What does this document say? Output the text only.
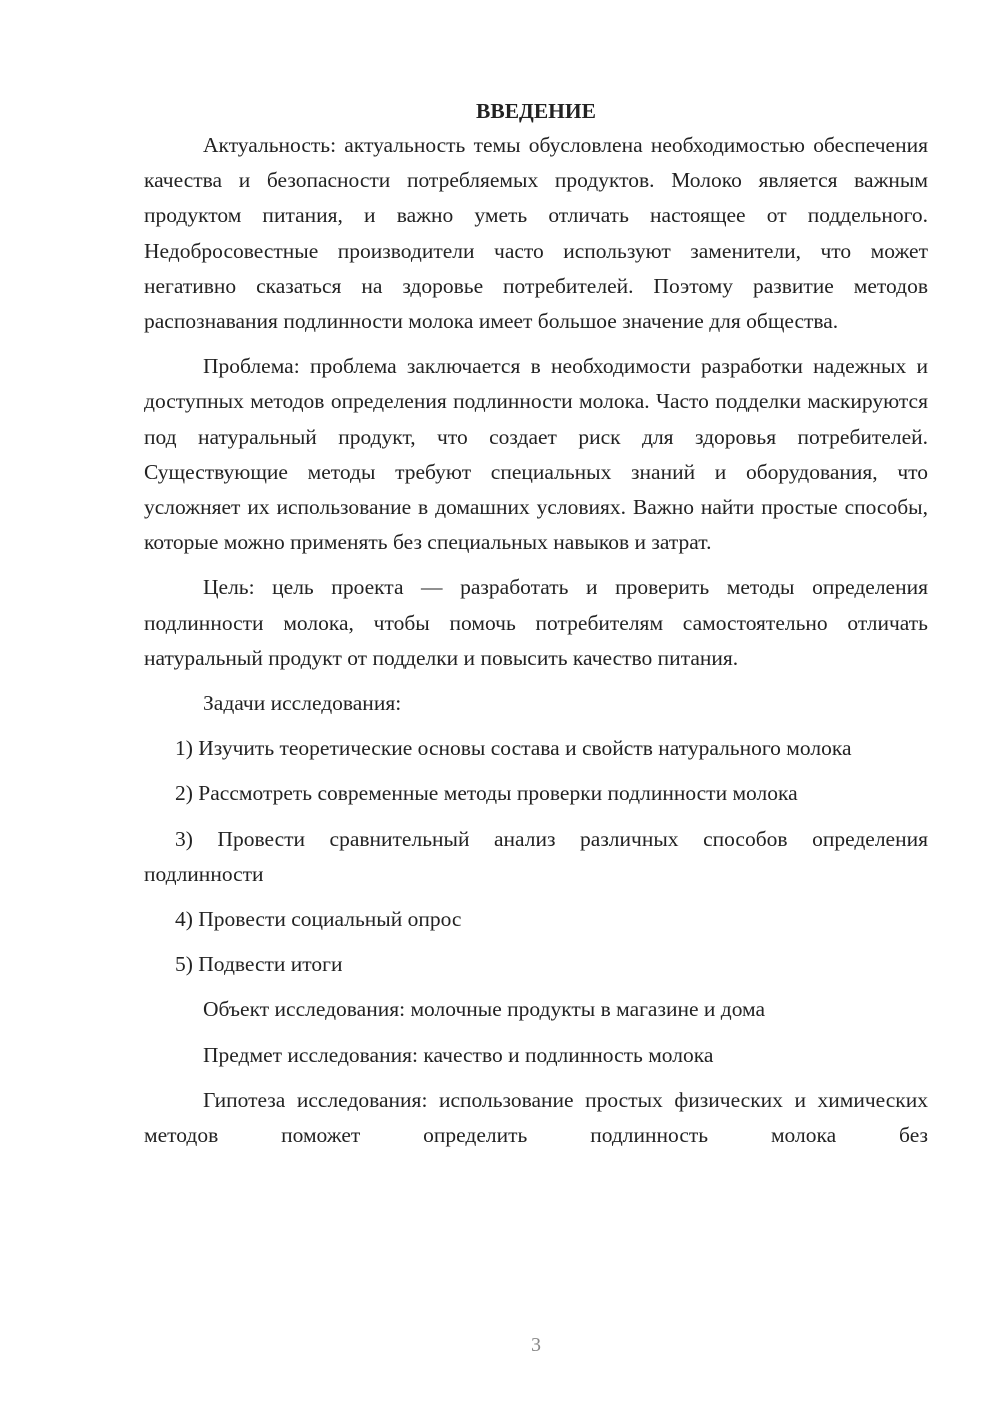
ВВЕДЕНИЕ

Актуальность: актуальность темы обусловлена необходимостью обеспечения качества и безопасности потребляемых продуктов. Молоко является важным продуктом питания, и важно уметь отличать настоящее от поддельного. Недобросовестные производители часто используют заменители, что может негативно сказаться на здоровье потребителей. Поэтому развитие методов распознавания подлинности молока имеет большое значение для общества.

Проблема: проблема заключается в необходимости разработки надежных и доступных методов определения подлинности молока. Часто подделки маскируются под натуральный продукт, что создает риск для здоровья потребителей. Существующие методы требуют специальных знаний и оборудования, что усложняет их использование в домашних условиях. Важно найти простые способы, которые можно применять без специальных навыков и затрат.

Цель: цель проекта — разработать и проверить методы определения подлинности молока, чтобы помочь потребителям самостоятельно отличать натуральный продукт от подделки и повысить качество питания.

Задачи исследования:

1) Изучить теоретические основы состава и свойств натурального молока

2) Рассмотреть современные методы проверки подлинности молока

3) Провести сравнительный анализ различных способов определения подлинности

4) Провести социальный опрос

5) Подвести итоги

Объект исследования: молочные продукты в магазине и дома

Предмет исследования: качество и подлинность молока

Гипотеза исследования: использование простых физических и химических методов поможет определить подлинность молока без

3
